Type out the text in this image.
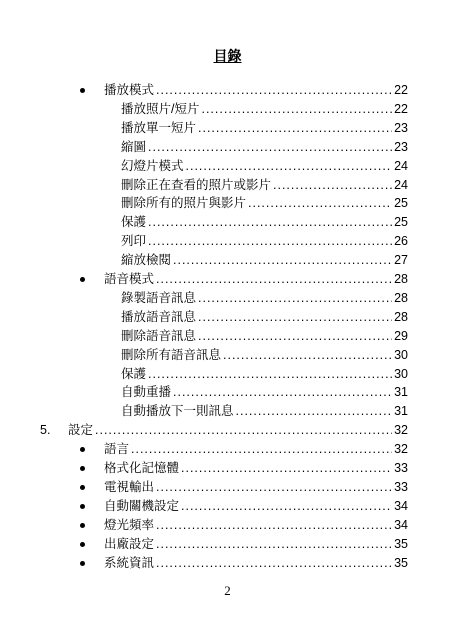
目錄
播放模式 .....	22
播放照片/短片 .....	22
播放單一短片 .....	23
縮圖 .....	23
幻燈片模式 .....	24
刪除正在查看的照片或影片 .....	24
刪除所有的照片與影片 .....	25
保護 .....	25
列印 .....	26
縮放檢閱 .....	27
語音模式 .....	28
錄製語音訊息 .....	28
播放語音訊息 .....	28
刪除語音訊息 .....	29
刪除所有語音訊息 .....	30
保護 .....	30
自動重播 .....	31
自動播放下一則訊息 .....	31
5. 設定 .....	32
語言 .....	32
格式化記憶體 .....	33
電視輸出 .....	33
自動關機設定 .....	34
燈光頻率 .....	34
出廠設定 .....	35
系統資訊 .....	35
2
